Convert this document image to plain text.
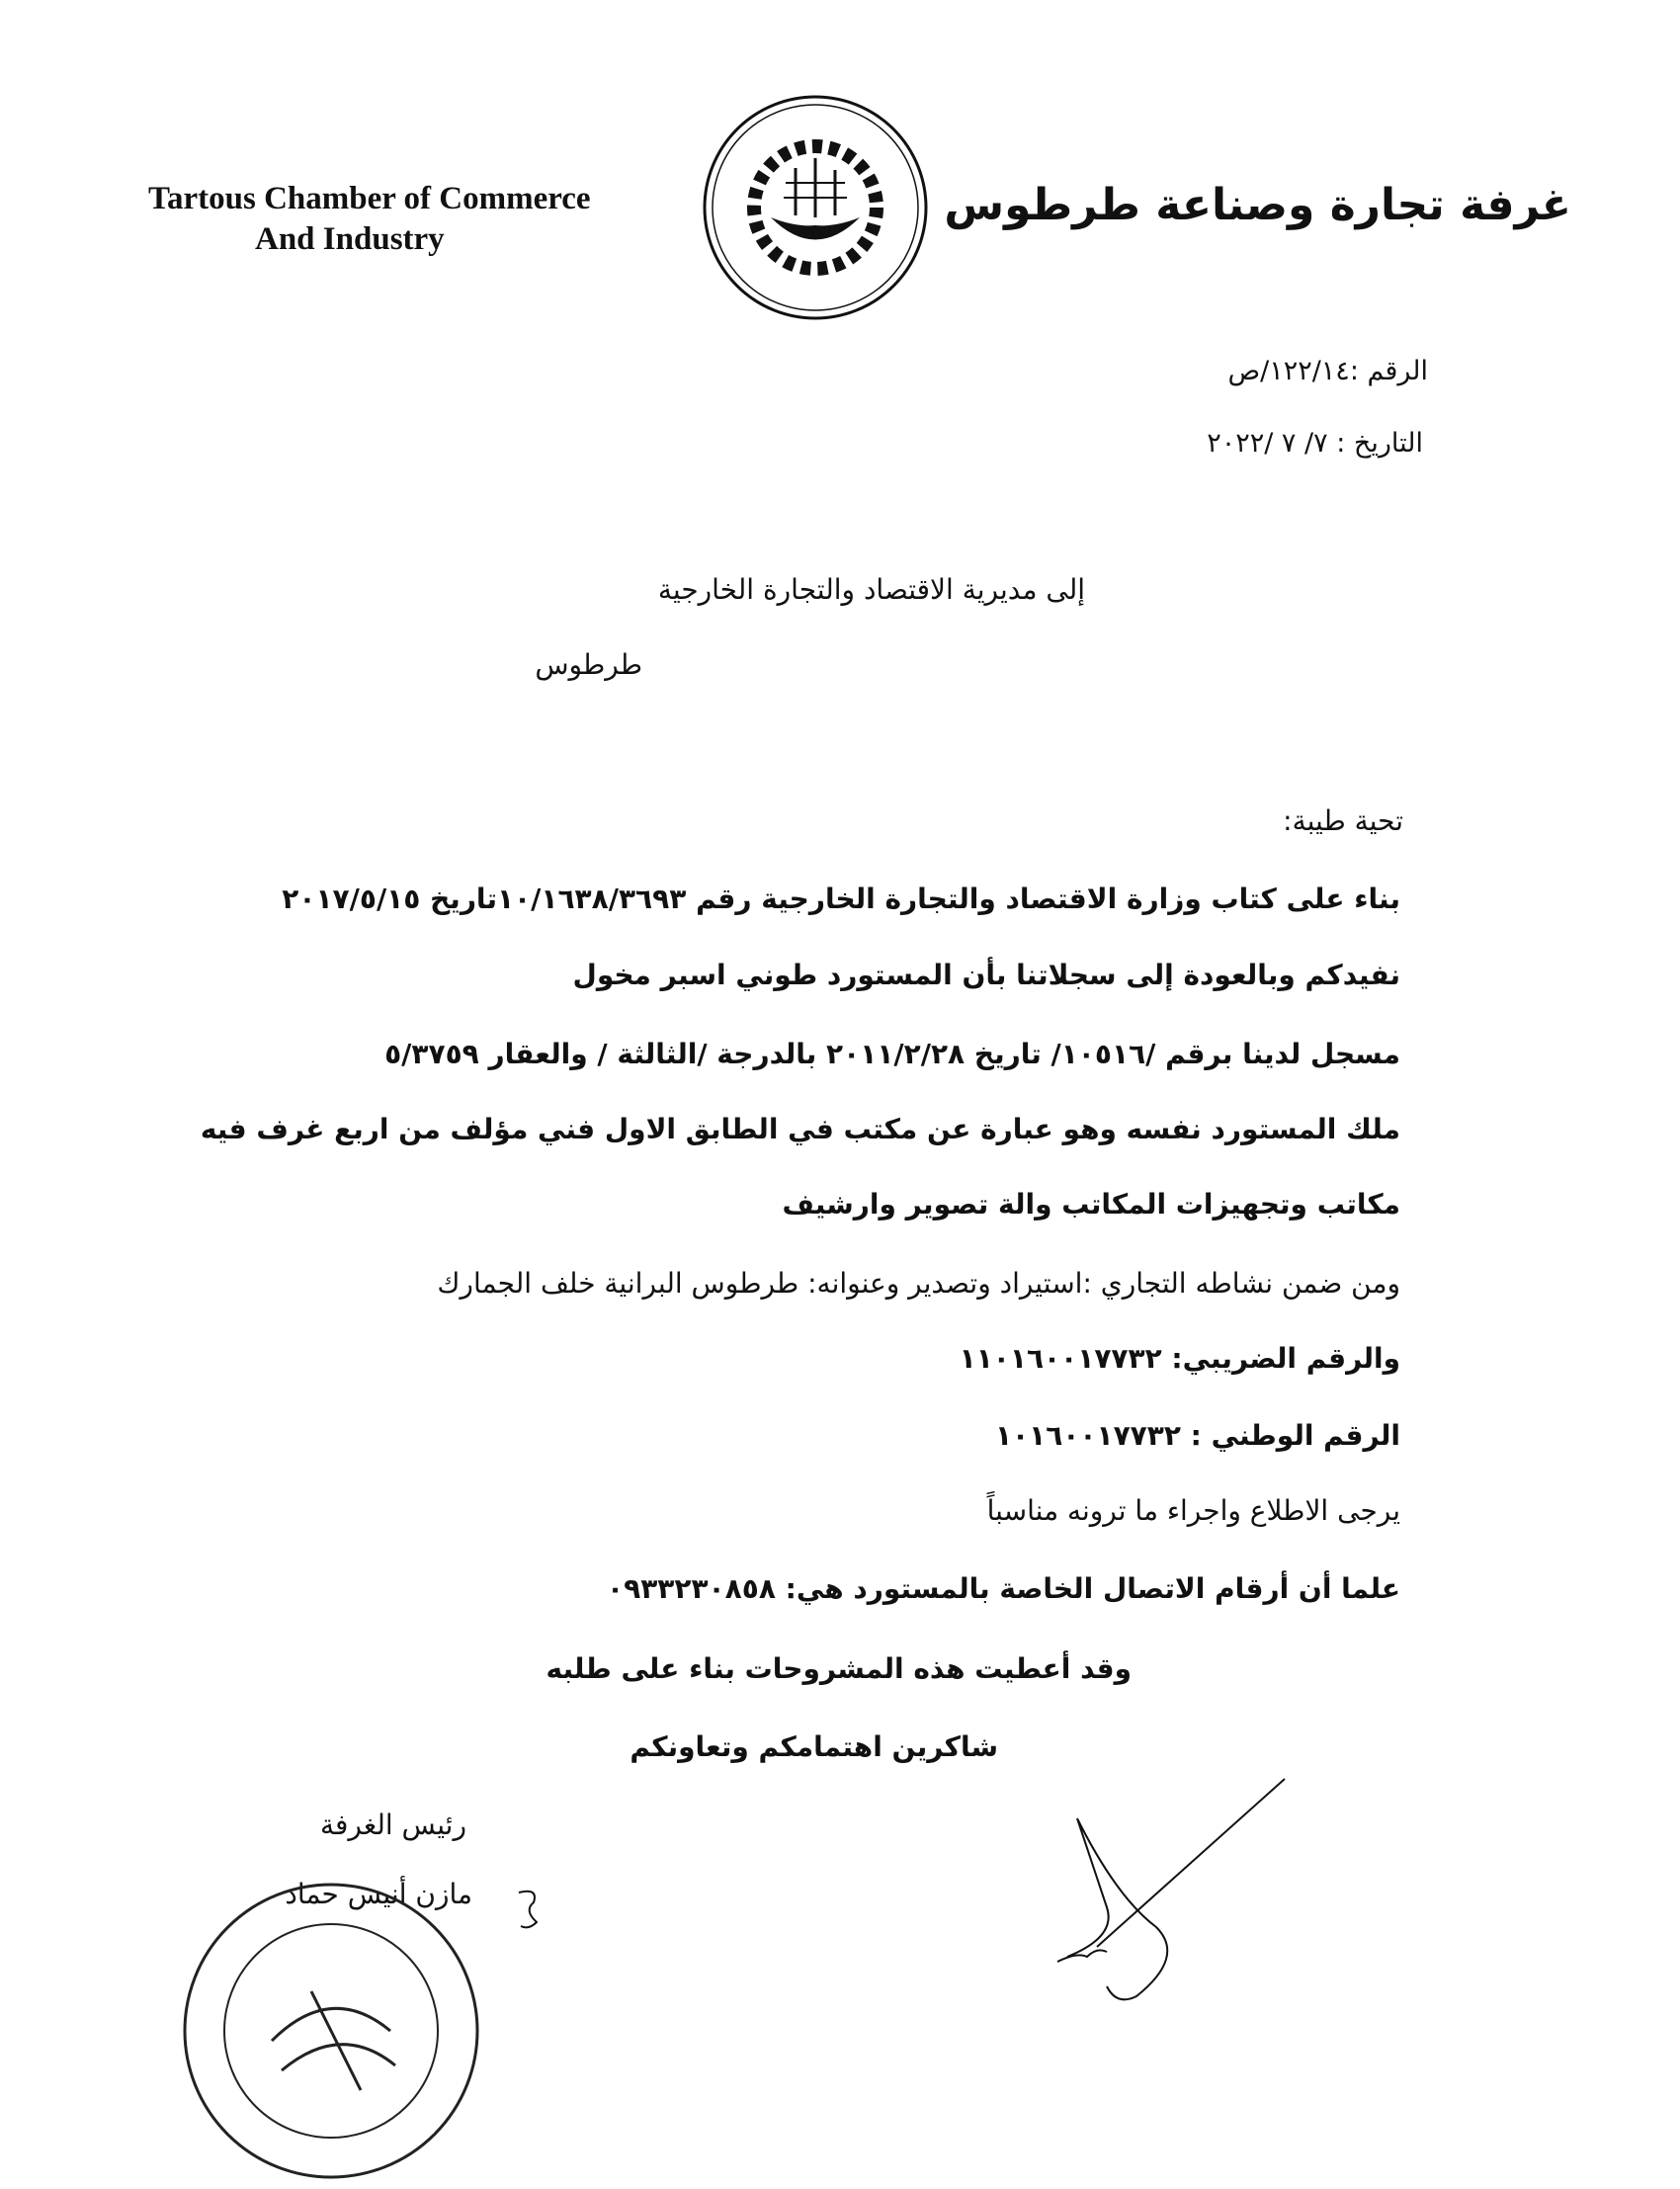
Tartous Chamber of Commerce
And Industry
غرفة تجارة وصناعة طرطوس
الرقم :١٢٢/١٤/ص
التاريخ : ٧/ ٧ /٢٠٢٢
إلى مديرية الاقتصاد والتجارة الخارجية
طرطوس
تحية طيبة:
بناء على كتاب وزارة الاقتصاد والتجارة الخارجية رقم ١٠/١٦٣٨/٣٦٩٣تاريخ ٢٠١٧/٥/١٥
نفيدكم وبالعودة إلى سجلاتنا بأن المستورد طوني اسبر مخول
مسجل لدينا برقم /١٠٥١٦/ تاريخ ٢٠١١/٢/٢٨ بالدرجة /الثالثة / والعقار ٥/٣٧٥٩
ملك المستورد نفسه وهو عبارة عن مكتب في الطابق الاول فني مؤلف من اربع غرف فيه
مكاتب وتجهيزات المكاتب والة تصوير وارشيف
ومن ضمن نشاطه التجاري :استيراد وتصدير وعنوانه: طرطوس البرانية خلف الجمارك
والرقم الضريبي: ١١٠١٦٠٠١٧٧٣٢
الرقم الوطني : ١٠١٦٠٠١٧٧٣٢
يرجى الاطلاع واجراء ما ترونه مناسباً
علما أن أرقام الاتصال الخاصة بالمستورد هي: ٠٩٣٣٢٣٠٨٥٨
وقد أعطيت هذه المشروحات بناء على طلبه
شاكرين اهتمامكم وتعاونكم
رئيس الغرفة
مازن أنيس حماد
